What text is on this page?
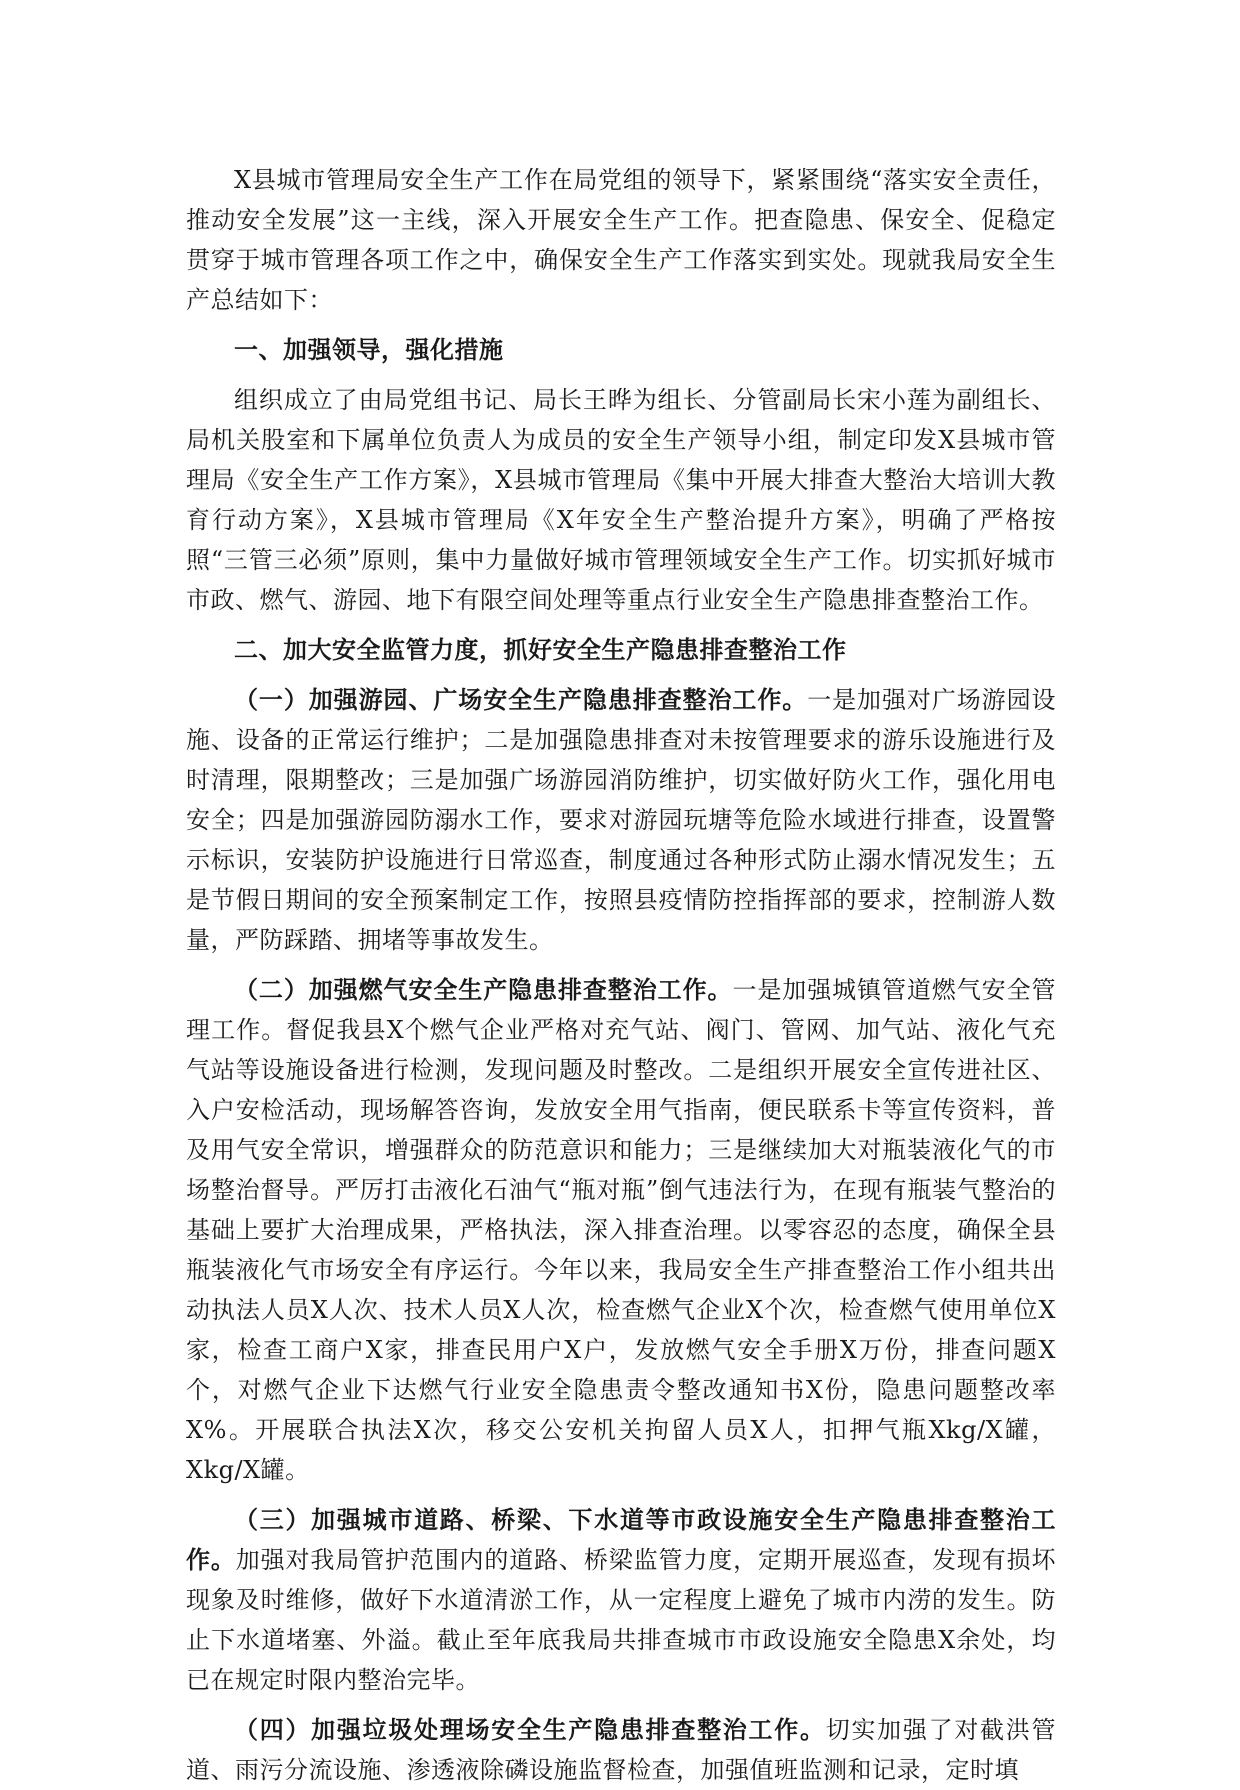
X县城市管理局安全生产工作在局党组的领导下，紧紧围绕“落实安全责任，推动安全发展”这一主线，深入开展安全生产工作。把查隐患、保安全、促稳定贯穿于城市管理各项工作之中，确保安全生产工作落实到实处。现就我局安全生产总结如下：

一、加强领导，强化措施

组织成立了由局党组书记、局长王晔为组长、分管副局长宋小莲为副组长、局机关股室和下属单位负责人为成员的安全生产领导小组，制定印发X县城市管理局《安全生产工作方案》，X县城市管理局《集中开展大排查大整治大培训大教育行动方案》，X县城市管理局《X年安全生产整治提升方案》，明确了严格按照“三管三必须”原则，集中力量做好城市管理领域安全生产工作。切实抓好城市市政、燃气、游园、地下有限空间处理等重点行业安全生产隐患排查整治工作。

二、加大安全监管力度，抓好安全生产隐患排查整治工作

（一）加强游园、广场安全生产隐患排查整治工作。一是加强对广场游园设施、设备的正常运行维护；二是加强隐患排查对未按管理要求的游乐设施进行及时清理，限期整改；三是加强广场游园消防维护，切实做好防火工作，强化用电安全；四是加强游园防溺水工作，要求对游园玩塘等危险水域进行排查，设置警示标识，安装防护设施进行日常巡查，制度通过各种形式防止溺水情况发生；五是节假日期间的安全预案制定工作，按照县疫情防控指挥部的要求，控制游人数量，严防踩踏、拥堵等事故发生。

（二）加强燃气安全生产隐患排查整治工作。一是加强城镇管道燃气安全管理工作。督促我县X个燃气企业严格对充气站、阀门、管网、加气站、液化气充气站等设施设备进行检测，发现问题及时整改。二是组织开展安全宣传进社区、入户安检活动，现场解答咨询，发放安全用气指南，便民联系卡等宣传资料，普及用气安全常识，增强群众的防范意识和能力；三是继续加大对瓶装液化气的市场整治督导。严厉打击液化石油气“瓶对瓶”倒气违法行为，在现有瓶装气整治的基础上要扩大治理成果，严格执法，深入排查治理。以零容忍的态度，确保全县瓶装液化气市场安全有序运行。今年以来，我局安全生产排查整治工作小组共出动执法人员X人次、技术人员X人次，检查燃气企业X个次，检查燃气使用单位X家，检查工商户X家，排查民用户X户，发放燃气安全手册X万份，排查问题X个，对燃气企业下达燃气行业安全隐患责令整改通知书X份，隐患问题整改率X%。开展联合执法X次，移交公安机关拘留人员X人，扣押气瓶Xkg/X罐，Xkg/X罐。

（三）加强城市道路、桥梁、下水道等市政设施安全生产隐患排查整治工作。加强对我局管护范围内的道路、桥梁监管力度，定期开展巡查，发现有损坏现象及时维修，做好下水道清淤工作，从一定程度上避免了城市内涝的发生。防止下水道堵塞、外溢。截止至年底我局共排查城市市政设施安全隐患X余处，均已在规定时限内整治完毕。

（四）加强垃圾处理场安全生产隐患排查整治工作。切实加强了对截洪管道、雨污分流设施、渗透液除磷设施监督检查，加强值班监测和记录，定时填
